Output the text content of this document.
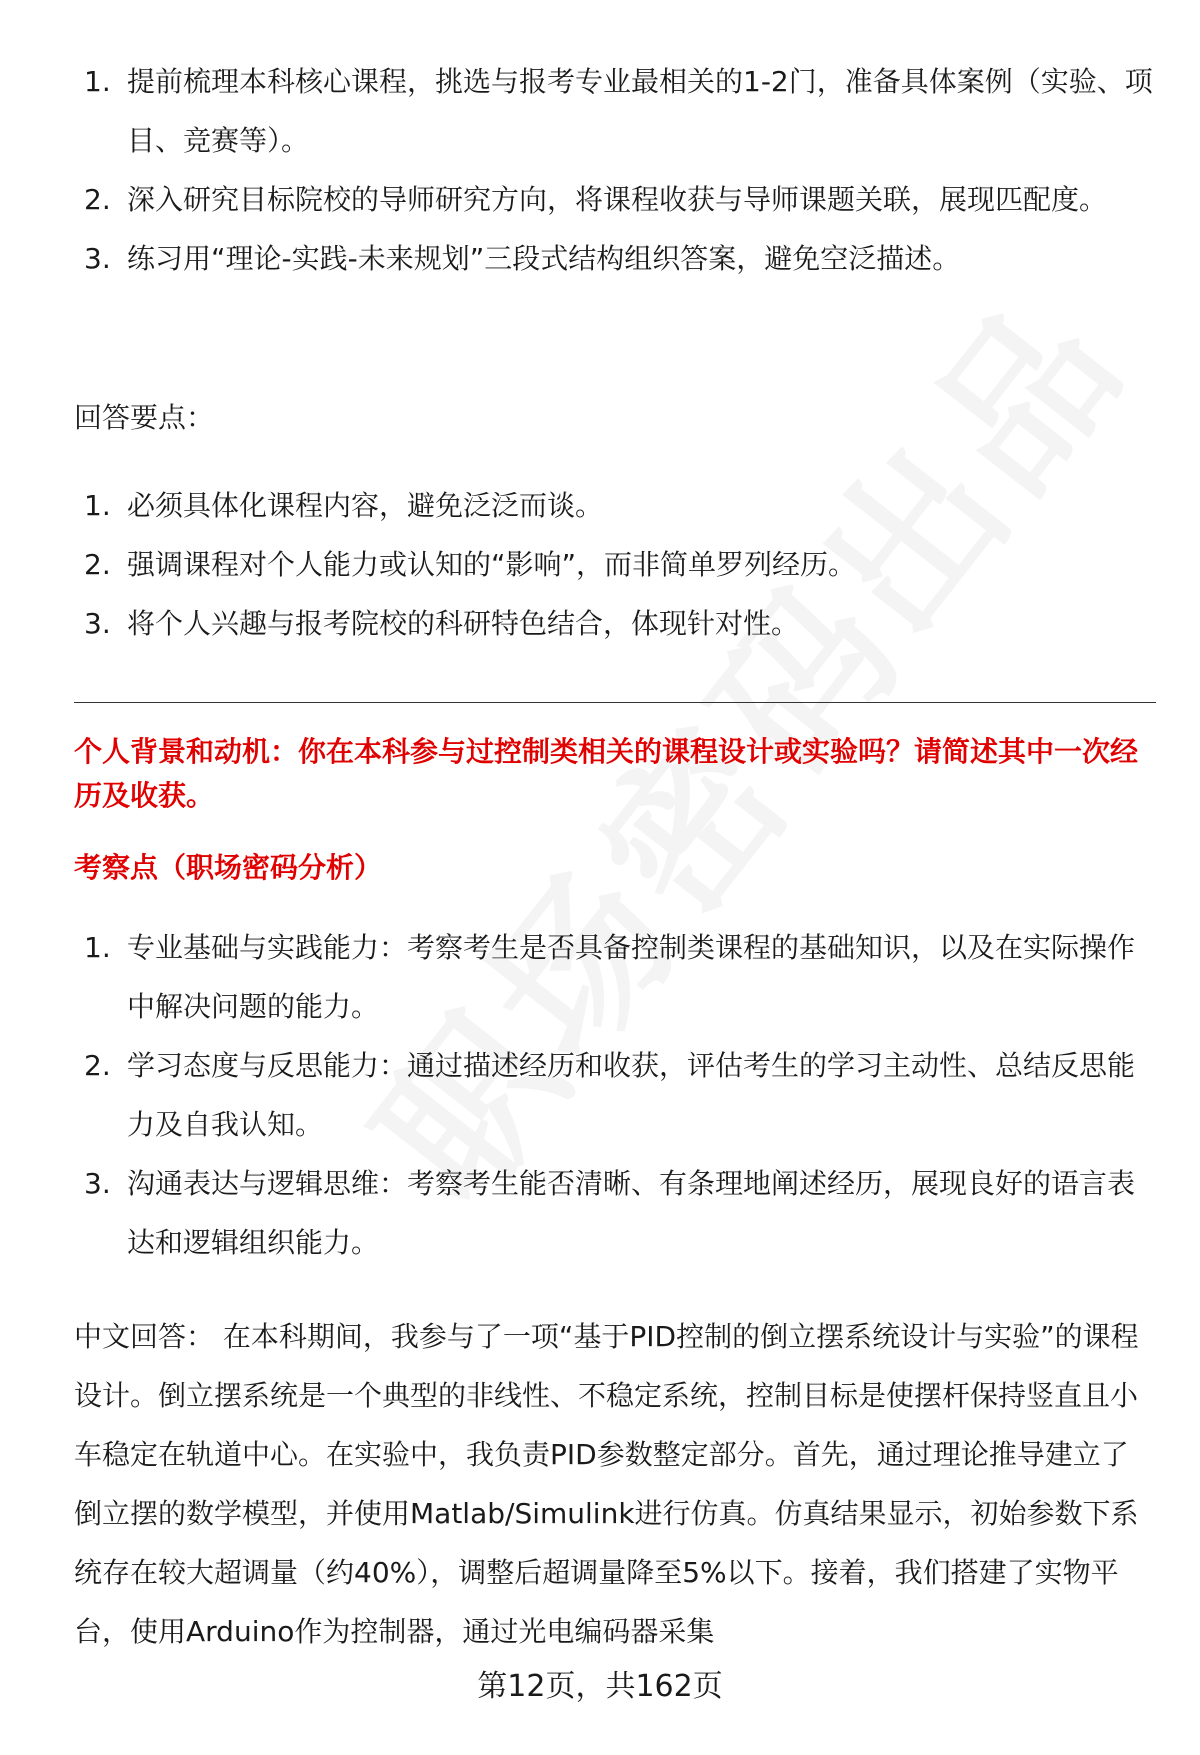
1. 提前梳理本科核心课程，挑选与报考专业最相关的1-2门，准备具体案例（实验、项目、竞赛等）。
2. 深入研究目标院校的导师研究方向，将课程收获与导师课题关联，展现匹配度。
3. 练习用“理论-实践-未来规划”三段式结构组织答案，避免空泛描述。

回答要点：

1. 必须具体化课程内容，避免泛泛而谈。
2. 强调课程对个人能力或认知的“影响”，而非简单罗列经历。
3. 将个人兴趣与报考院校的科研特色结合，体现针对性。

个人背景和动机：你在本科参与过控制类相关的课程设计或实验吗？请简述其中一次经历及收获。

考察点（职场密码分析）

1. 专业基础与实践能力：考察考生是否具备控制类课程的基础知识，以及在实际操作中解决问题的能力。
2. 学习态度与反思能力：通过描述经历和收获，评估考生的学习主动性、总结反思能力及自我认知。
3. 沟通表达与逻辑思维：考察考生能否清晰、有条理地阐述经历，展现良好的语言表达和逻辑组织能力。

中文回答： 在本科期间，我参与了一项“基于PID控制的倒立摆系统设计与实验”的课程设计。倒立摆系统是一个典型的非线性、不稳定系统，控制目标是使摆杆保持竖直且小车稳定在轨道中心。在实验中，我负责PID参数整定部分。首先，通过理论推导建立了倒立摆的数学模型，并使用Matlab/Simulink进行仿真。仿真结果显示，初始参数下系统存在较大超调量（约40%），调整后超调量降至5%以下。接着，我们搭建了实物平台，使用Arduino作为控制器，通过光电编码器采集

第12页，共162页
